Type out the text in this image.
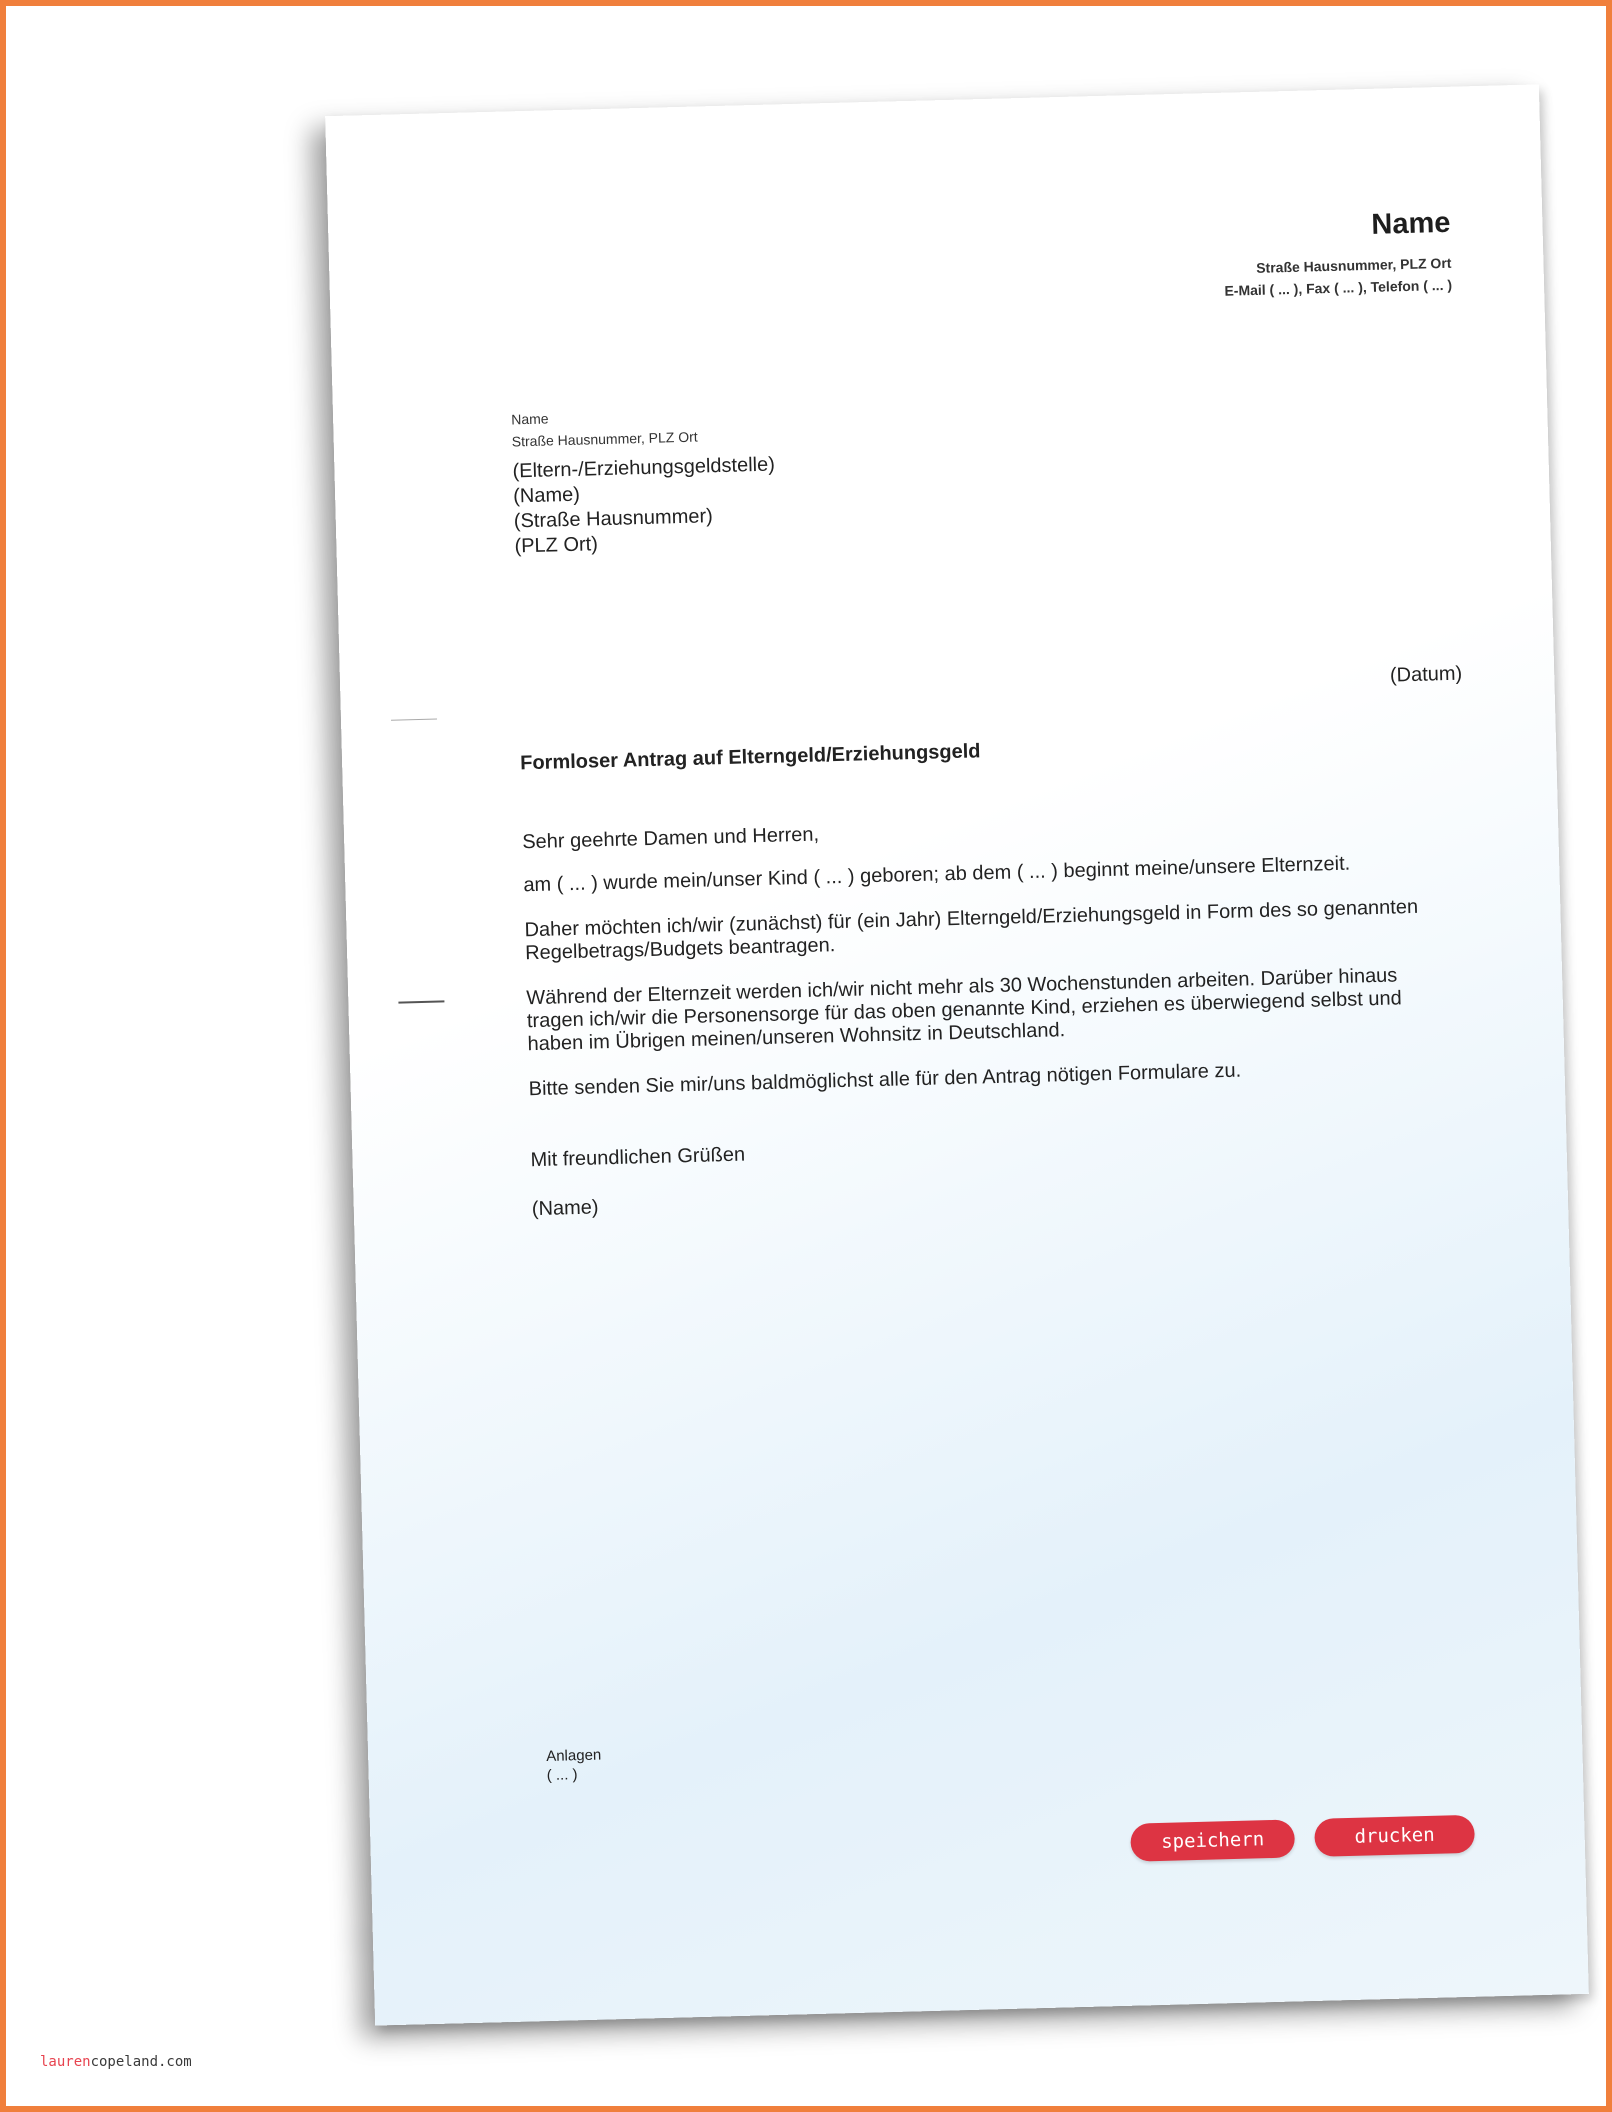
Name
Straße Hausnummer, PLZ Ort
E-Mail ( ... ), Fax ( ... ), Telefon ( ... )
Name
Straße Hausnummer, PLZ Ort
(Eltern-/Erziehungsgeldstelle)
(Name)
(Straße Hausnummer)
(PLZ Ort)
(Datum)
Formloser Antrag auf Elterngeld/Erziehungsgeld

Sehr geehrte Damen und Herren,

am ( ... ) wurde mein/unser Kind ( ... ) geboren; ab dem ( ... ) beginnt meine/unsere Elternzeit.

Daher möchten ich/wir (zunächst) für (ein Jahr) Elterngeld/Erziehungsgeld in Form des so genannten Regelbetrags/Budgets beantragen.

Während der Elternzeit werden ich/wir nicht mehr als 30 Wochenstunden arbeiten. Darüber hinaus tragen ich/wir die Personensorge für das oben genannte Kind, erziehen es überwiegend selbst und haben im Übrigen meinen/unseren Wohnsitz in Deutschland.

Bitte senden Sie mir/uns baldmöglichst alle für den Antrag nötigen Formulare zu.

Mit freundlichen Grüßen

(Name)

Anlagen
( ... )
speichern	drucken
laurencopeland.com
